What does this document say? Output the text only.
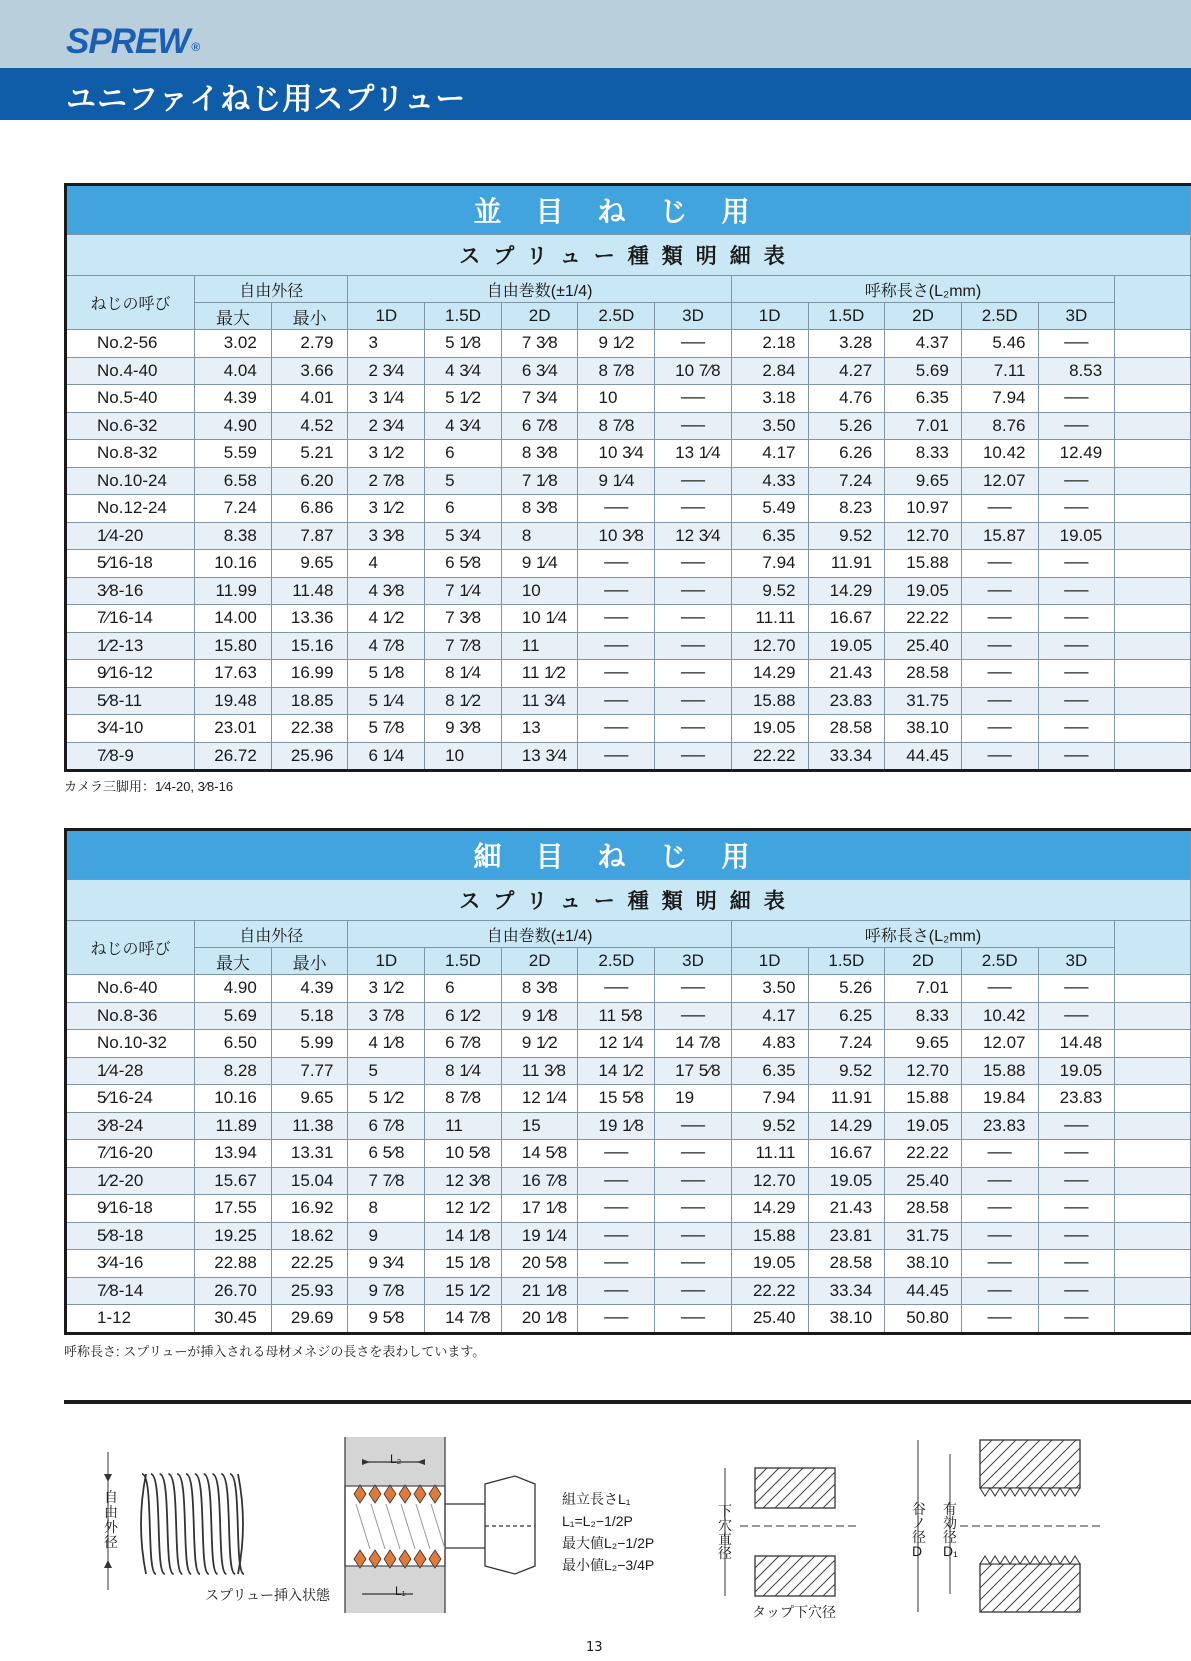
SPREW ®
ユニファイねじ用スプリュー
並目ねじ用													
スプリュー種類明細表													
ねじの呼び	自由外径		自由巻数(±1/4)					呼称長さ(L₂mm)					
	最大	最小	1D	1.5D	2D	2.5D	3D	1D	1.5D	2D	2.5D	3D	
No.2-56	3.02	2.79	3	5 1⁄8	7 3⁄8	9 1⁄2	──	2.18	3.28	4.37	5.46	──	
No.4-40	4.04	3.66	2 3⁄4	4 3⁄4	6 3⁄4	8 7⁄8	10 7⁄8	2.84	4.27	5.69	7.11	8.53	
No.5-40	4.39	4.01	3 1⁄4	5 1⁄2	7 3⁄4	10	──	3.18	4.76	6.35	7.94	──	
No.6-32	4.90	4.52	2 3⁄4	4 3⁄4	6 7⁄8	8 7⁄8	──	3.50	5.26	7.01	8.76	──	
No.8-32	5.59	5.21	3 1⁄2	6	8 3⁄8	10 3⁄4	13 1⁄4	4.17	6.26	8.33	10.42	12.49	
No.10-24	6.58	6.20	2 7⁄8	5	7 1⁄8	9 1⁄4	──	4.33	7.24	9.65	12.07	──	
No.12-24	7.24	6.86	3 1⁄2	6	8 3⁄8	──	──	5.49	8.23	10.97	──	──	
1⁄4-20	8.38	7.87	3 3⁄8	5 3⁄4	8	10 3⁄8	12 3⁄4	6.35	9.52	12.70	15.87	19.05	
5⁄16-18	10.16	9.65	4	6 5⁄8	9 1⁄4	──	──	7.94	11.91	15.88	──	──	
3⁄8-16	11.99	11.48	4 3⁄8	7 1⁄4	10	──	──	9.52	14.29	19.05	──	──	
7⁄16-14	14.00	13.36	4 1⁄2	7 3⁄8	10 1⁄4	──	──	11.11	16.67	22.22	──	──	
1⁄2-13	15.80	15.16	4 7⁄8	7 7⁄8	11	──	──	12.70	19.05	25.40	──	──	
9⁄16-12	17.63	16.99	5 1⁄8	8 1⁄4	11 1⁄2	──	──	14.29	21.43	28.58	──	──	
5⁄8-11	19.48	18.85	5 1⁄4	8 1⁄2	11 3⁄4	──	──	15.88	23.83	31.75	──	──	
3⁄4-10	23.01	22.38	5 7⁄8	9 3⁄8	13	──	──	19.05	28.58	38.10	──	──	
7⁄8-9	26.72	25.96	6 1⁄4	10	13 3⁄4	──	──	22.22	33.34	44.45	──	──	
カメラ三脚用：1⁄4-20, 3⁄8-16
細目ねじ用													
スプリュー種類明細表													
ねじの呼び	自由外径		自由巻数(±1/4)					呼称長さ(L₂mm)					
	最大	最小	1D	1.5D	2D	2.5D	3D	1D	1.5D	2D	2.5D	3D	
No.6-40	4.90	4.39	3 1⁄2	6	8 3⁄8	──	──	3.50	5.26	7.01	──	──	
No.8-36	5.69	5.18	3 7⁄8	6 1⁄2	9 1⁄8	11 5⁄8	──	4.17	6.25	8.33	10.42	──	
No.10-32	6.50	5.99	4 1⁄8	6 7⁄8	9 1⁄2	12 1⁄4	14 7⁄8	4.83	7.24	9.65	12.07	14.48	
1⁄4-28	8.28	7.77	5	8 1⁄4	11 3⁄8	14 1⁄2	17 5⁄8	6.35	9.52	12.70	15.88	19.05	
5⁄16-24	10.16	9.65	5 1⁄2	8 7⁄8	12 1⁄4	15 5⁄8	19	7.94	11.91	15.88	19.84	23.83	
3⁄8-24	11.89	11.38	6 7⁄8	11	15	19 1⁄8	──	9.52	14.29	19.05	23.83	──	
7⁄16-20	13.94	13.31	6 5⁄8	10 5⁄8	14 5⁄8	──	──	11.11	16.67	22.22	──	──	
1⁄2-20	15.67	15.04	7 7⁄8	12 3⁄8	16 7⁄8	──	──	12.70	19.05	25.40	──	──	
9⁄16-18	17.55	16.92	8	12 1⁄2	17 1⁄8	──	──	14.29	21.43	28.58	──	──	
5⁄8-18	19.25	18.62	9	14 1⁄8	19 1⁄4	──	──	15.88	23.81	31.75	──	──	
3⁄4-16	22.88	22.25	9 3⁄4	15 1⁄8	20 5⁄8	──	──	19.05	28.58	38.10	──	──	
7⁄8-14	26.70	25.93	9 7⁄8	15 1⁄2	21 1⁄8	──	──	22.22	33.34	44.45	──	──	
1-12	30.45	29.69	9 5⁄8	14 7⁄8	20 1⁄8	──	──	25.40	38.10	50.80	──	──	
呼称長さ: スプリューが挿入される母材メネジの長さを表わしています。
自由外径
スプリュー挿入状態
L₂
L₁
組立長さL₁
L₁=L₂−1/2P
最大値L₂−1/2P
最小値L₂−3/4P
下穴直径
タップ下穴径
谷ノ径D
有効径D₁
13
